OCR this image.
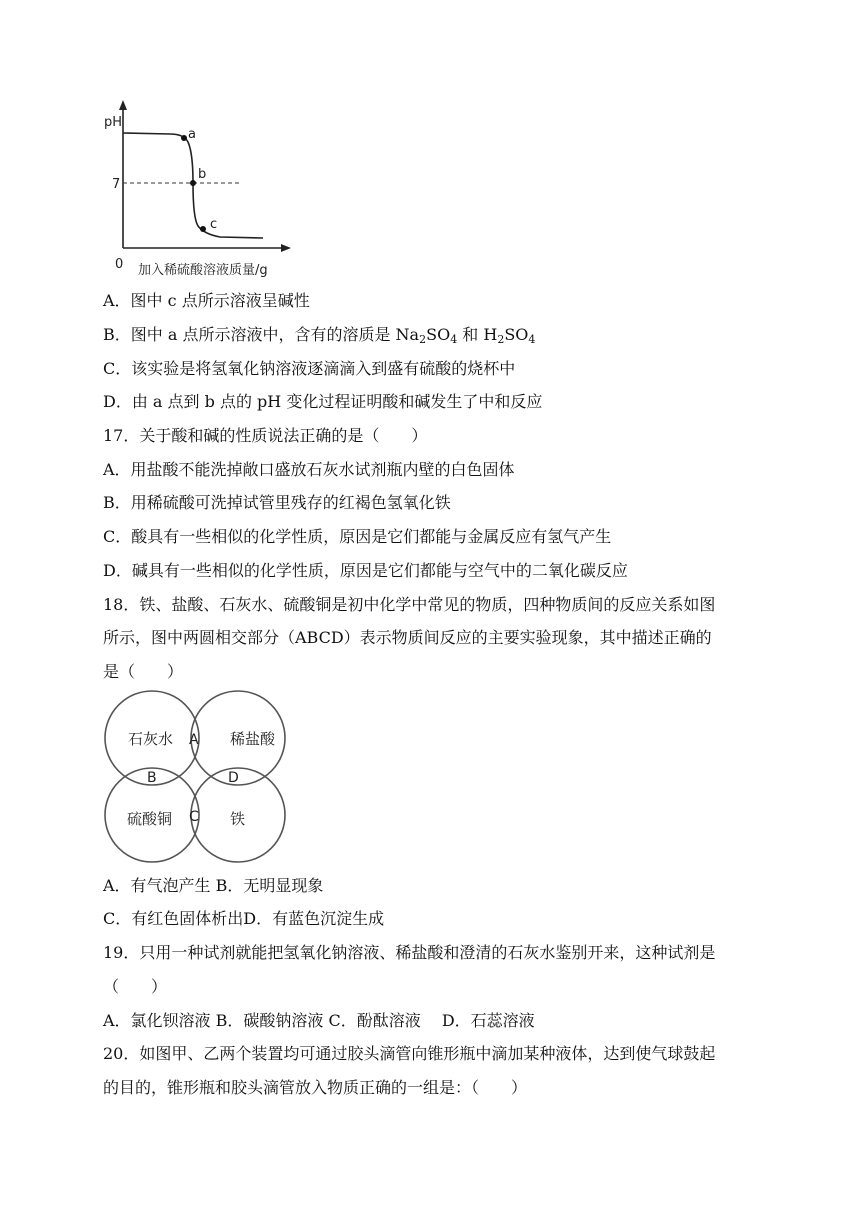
pH
7
0
a
b
c
加入稀硫酸溶液质量/g
A．图中 c 点所示溶液呈碱性
B．图中 a 点所示溶液中，含有的溶质是 $Na_2SO_4$ 和 $H_2SO_4$
C．该实验是将氢氧化钠溶液逐滴滴入到盛有硫酸的烧杯中
D．由 a 点到 b 点的 pH 变化过程证明酸和碱发生了中和反应
17．关于酸和碱的性质说法正确的是（　　）
A．用盐酸不能洗掉敞口盛放石灰水试剂瓶内壁的白色固体
B．用稀硫酸可洗掉试管里残存的红褐色氢氧化铁
C．酸具有一些相似的化学性质，原因是它们都能与金属反应有氢气产生
D．碱具有一些相似的化学性质，原因是它们都能与空气中的二氧化碳反应
18．铁、盐酸、石灰水、硫酸铜是初中化学中常见的物质，四种物质间的反应关系如图
所示，图中两圆相交部分（ABCD）表示物质间反应的主要实验现象，其中描述正确的
是（　　）
石灰水	稀盐酸
硫酸铜	铁
A
B	D
C
A．有气泡产生 B．无明显现象
C．有红色固体析出D．有蓝色沉淀生成
19．只用一种试剂就能把氢氧化钠溶液、稀盐酸和澄清的石灰水鉴别开来，这种试剂是
（　　）
A．氯化钡溶液 B．碳酸钠溶液 C．酚酞溶液　 D．石蕊溶液
20．如图甲、乙两个装置均可通过胶头滴管向锥形瓶中滴加某种液体，达到使气球鼓起
的目的，锥形瓶和胶头滴管放入物质正确的一组是：（　　）
